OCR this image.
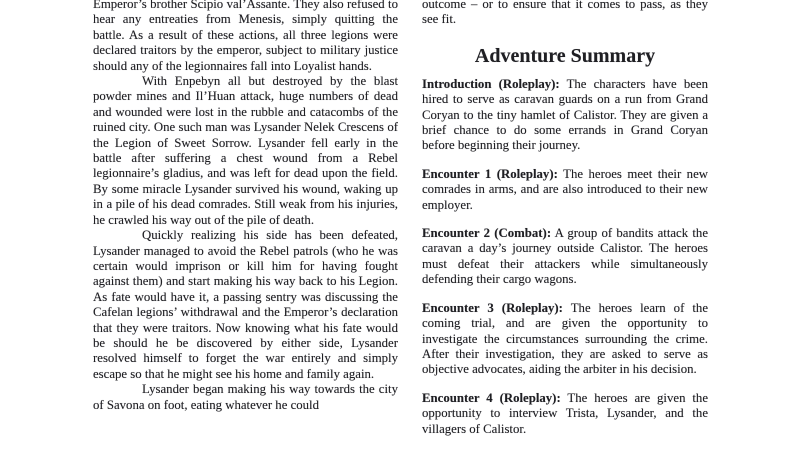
Emperor’s brother Scipio val’Assante. They also refused to hear any entreaties from Menesis, simply quitting the battle. As a result of these actions, all three legions were declared traitors by the emperor, subject to military justice should any of the legionnaires fall into Loyalist hands.

With Enpebyn all but destroyed by the blast powder mines and Il’Huan attack, huge numbers of dead and wounded were lost in the rubble and catacombs of the ruined city. One such man was Lysander Nelek Crescens of the Legion of Sweet Sorrow. Lysander fell early in the battle after suffering a chest wound from a Rebel legionnaire’s gladius, and was left for dead upon the field. By some miracle Lysander survived his wound, waking up in a pile of his dead comrades. Still weak from his injuries, he crawled his way out of the pile of death.

Quickly realizing his side has been defeated, Lysander managed to avoid the Rebel patrols (who he was certain would imprison or kill him for having fought against them) and start making his way back to his Legion. As fate would have it, a passing sentry was discussing the Cafelan legions’ withdrawal and the Emperor’s declaration that they were traitors. Now knowing what his fate would be should he be discovered by either side, Lysander resolved himself to forget the war entirely and simply escape so that he might see his home and family again.

Lysander began making his way towards the city of Savona on foot, eating whatever he could

outcome – or to ensure that it comes to pass, as they see fit.

Adventure Summary

Introduction (Roleplay): The characters have been hired to serve as caravan guards on a run from Grand Coryan to the tiny hamlet of Calistor. They are given a brief chance to do some errands in Grand Coryan before beginning their journey.

Encounter 1 (Roleplay): The heroes meet their new comrades in arms, and are also introduced to their new employer.

Encounter 2 (Combat): A group of bandits attack the caravan a day’s journey outside Calistor. The heroes must defeat their attackers while simultaneously defending their cargo wagons.

Encounter 3 (Roleplay): The heroes learn of the coming trial, and are given the opportunity to investigate the circumstances surrounding the crime. After their investigation, they are asked to serve as objective advocates, aiding the arbiter in his decision.

Encounter 4 (Roleplay): The heroes are given the opportunity to interview Trista, Lysander, and the villagers of Calistor.
